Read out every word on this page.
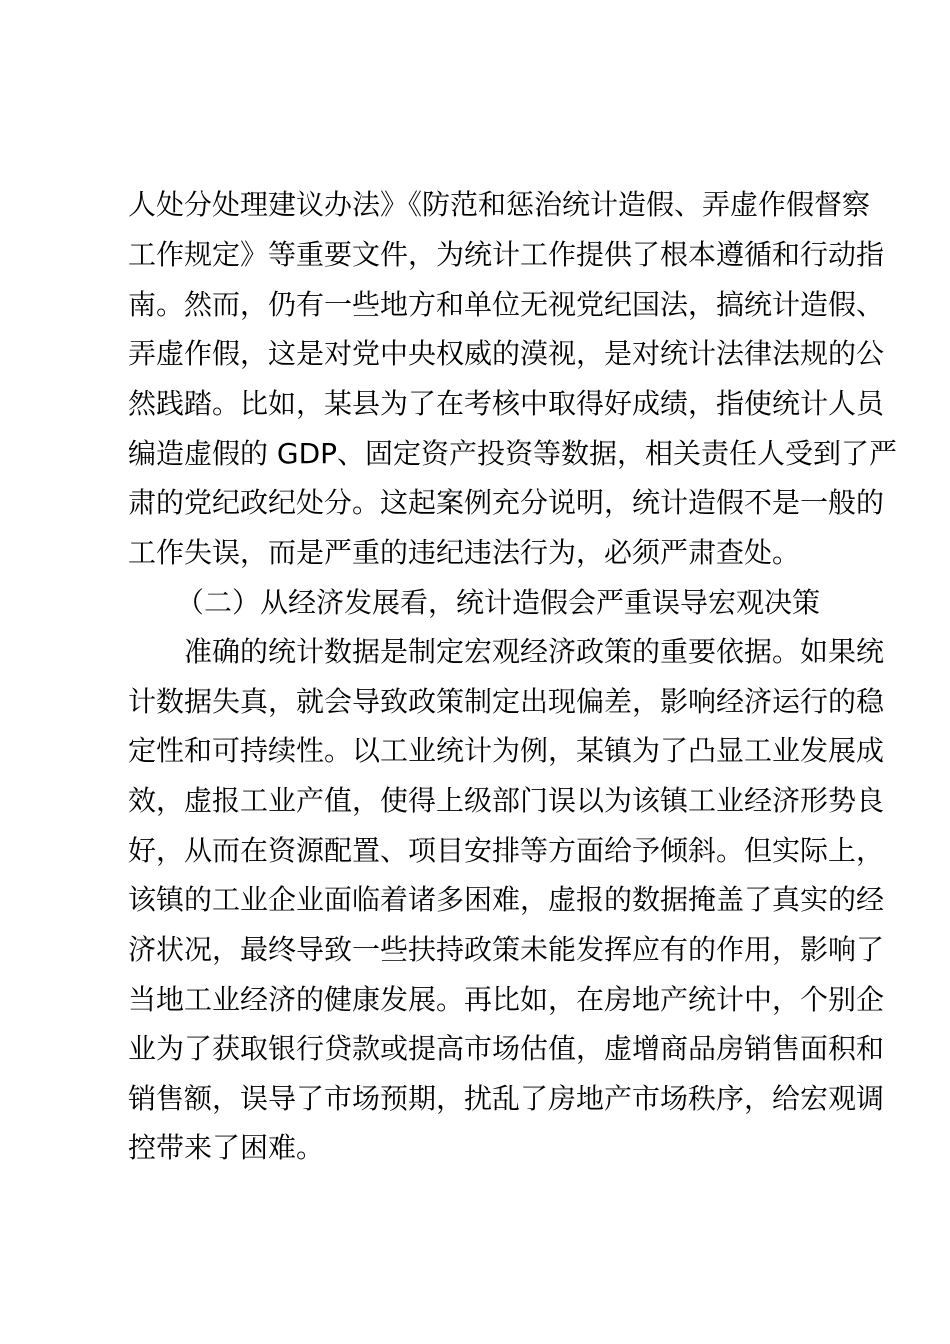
人处分处理建议办法》《防范和惩治统计造假、弄虚作假督察
工作规定》等重要文件，为统计工作提供了根本遵循和行动指
南。然而，仍有一些地方和单位无视党纪国法，搞统计造假、
弄虚作假，这是对党中央权威的漠视，是对统计法律法规的公
然践踏。比如，某县为了在考核中取得好成绩，指使统计人员
编造虚假的 GDP、固定资产投资等数据，相关责任人受到了严
肃的党纪政纪处分。这起案例充分说明，统计造假不是一般的
工作失误，而是严重的违纪违法行为，必须严肃查处。
（二）从经济发展看，统计造假会严重误导宏观决策
准确的统计数据是制定宏观经济政策的重要依据。如果统
计数据失真，就会导致政策制定出现偏差，影响经济运行的稳
定性和可持续性。以工业统计为例，某镇为了凸显工业发展成
效，虚报工业产值，使得上级部门误以为该镇工业经济形势良
好，从而在资源配置、项目安排等方面给予倾斜。但实际上，
该镇的工业企业面临着诸多困难，虚报的数据掩盖了真实的经
济状况，最终导致一些扶持政策未能发挥应有的作用，影响了
当地工业经济的健康发展。再比如，在房地产统计中，个别企
业为了获取银行贷款或提高市场估值，虚增商品房销售面积和
销售额，误导了市场预期，扰乱了房地产市场秩序，给宏观调
控带来了困难。
